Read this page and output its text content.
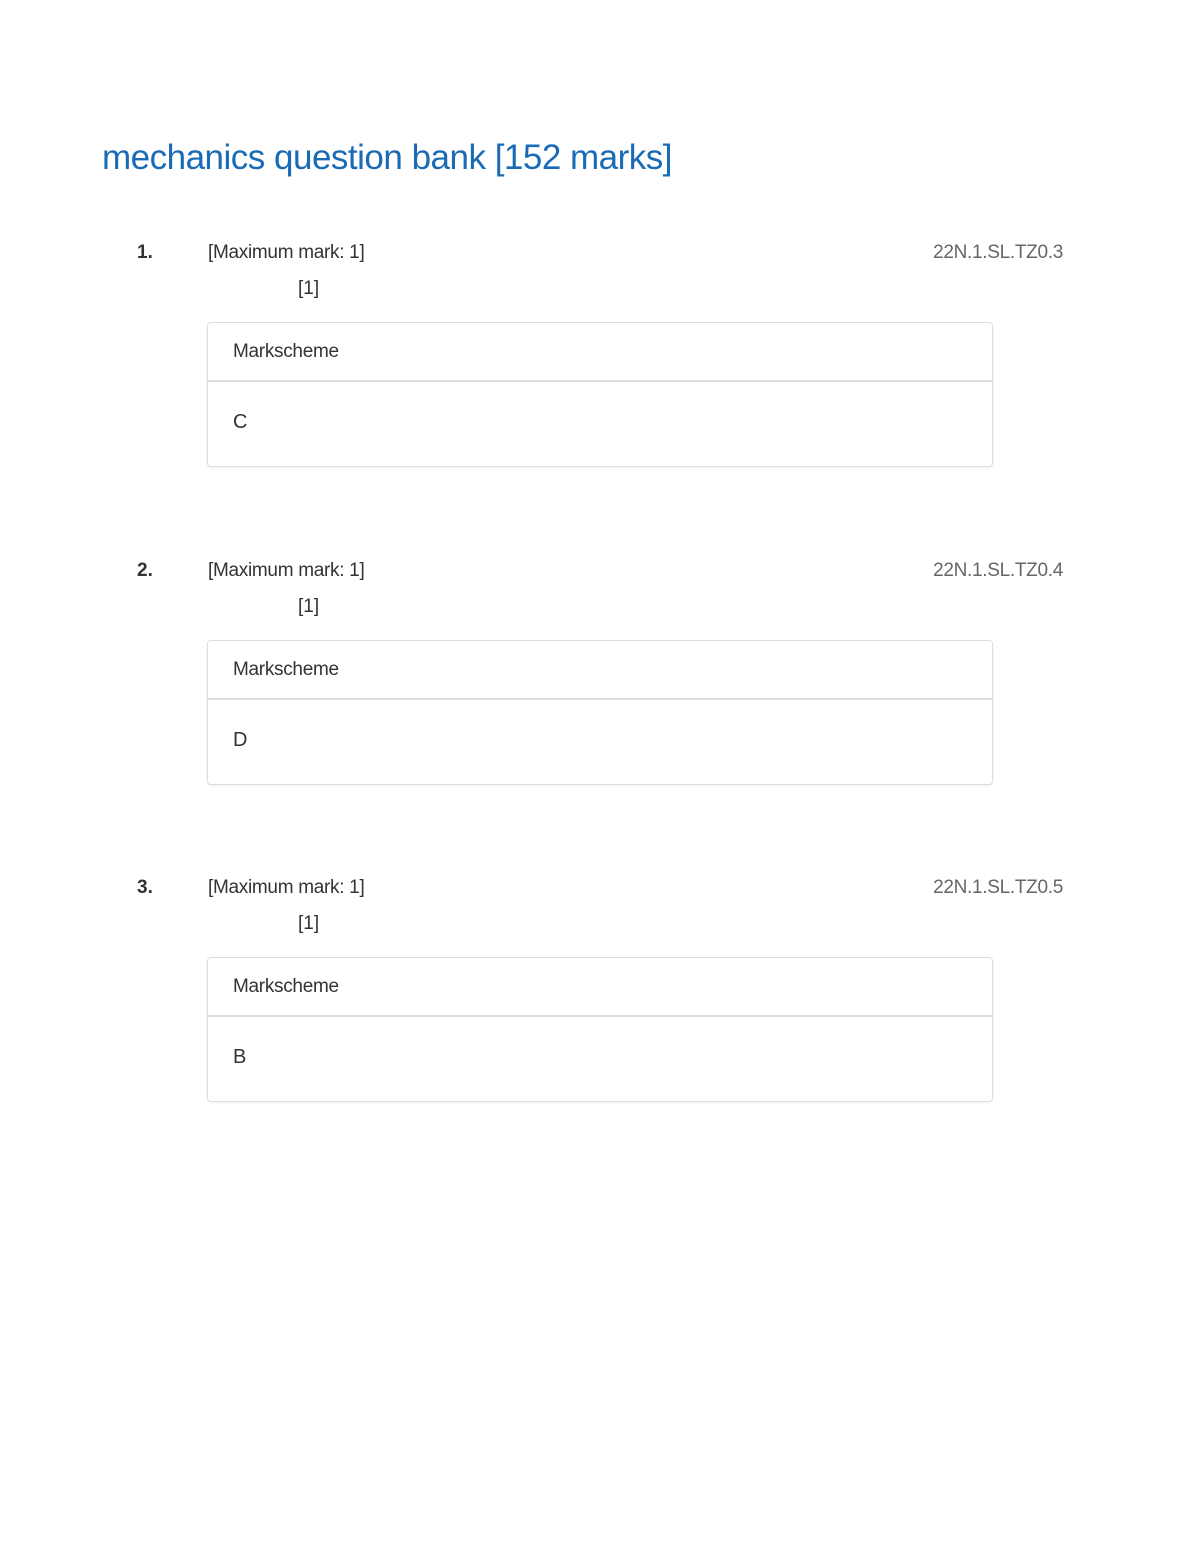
mechanics question bank [152 marks]
1.	[Maximum mark: 1]	22N.1.SL.TZ0.3
[1]
Markscheme
C
2.	[Maximum mark: 1]	22N.1.SL.TZ0.4
[1]
Markscheme
D
3.	[Maximum mark: 1]	22N.1.SL.TZ0.5
[1]
Markscheme
B
